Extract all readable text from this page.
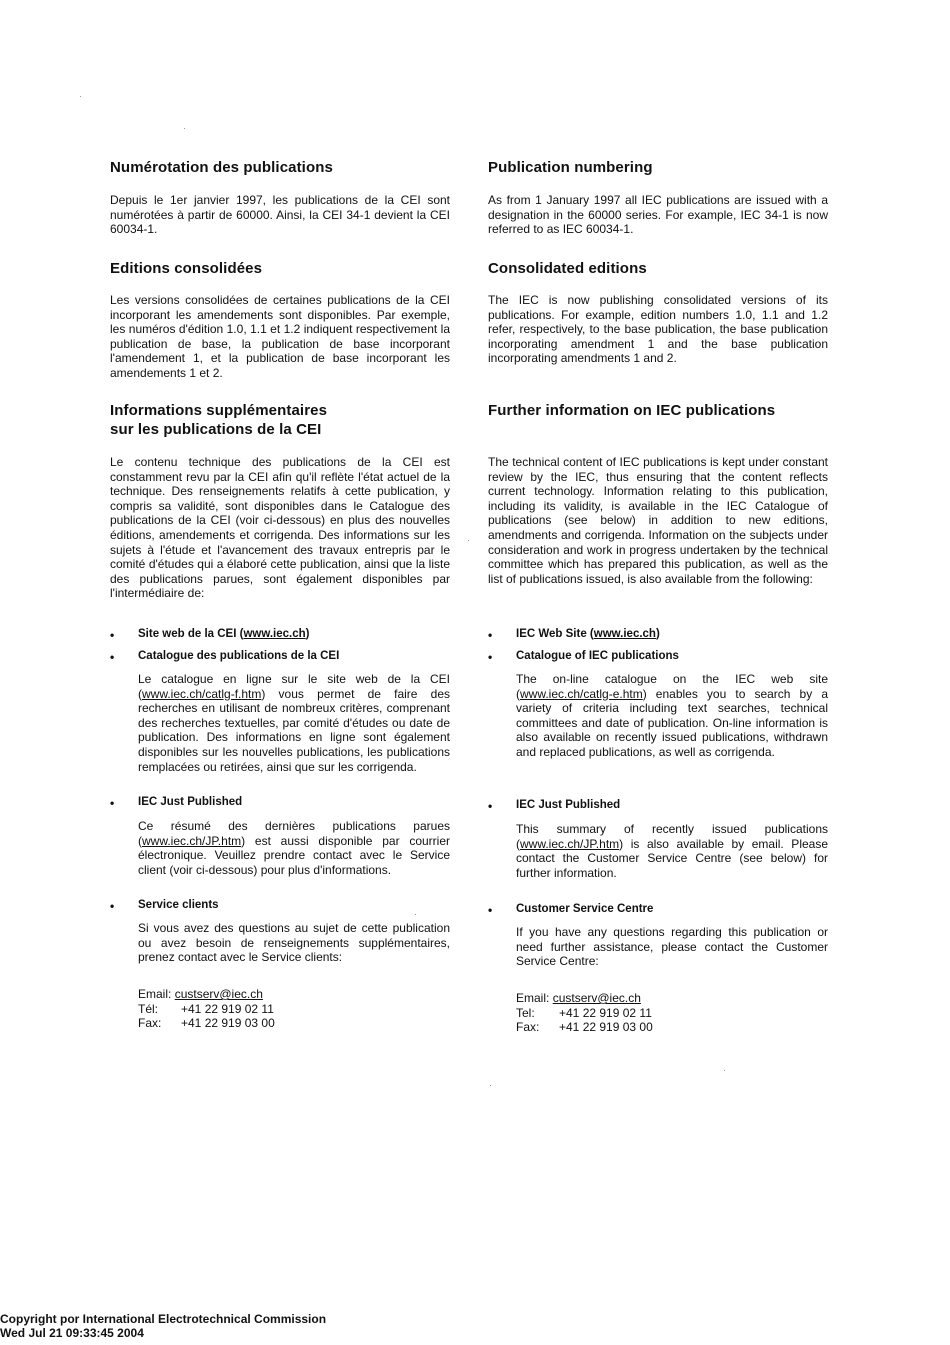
Numérotation des publications

Depuis le 1er janvier 1997, les publications de la CEI sont numérotées à partir de 60000. Ainsi, la CEI 34-1 devient la CEI 60034-1.

Editions consolidées

Les versions consolidées de certaines publications de la CEI incorporant les amendements sont disponibles. Par exemple, les numéros d'édition 1.0, 1.1 et 1.2 indiquent respectivement la publication de base, la publication de base incorporant l'amendement 1, et la publication de base incorporant les amendements 1 et 2.

Informations supplémentaires
sur les publications de la CEI

Le contenu technique des publications de la CEI est constamment revu par la CEI afin qu'il reflète l'état actuel de la technique. Des renseignements relatifs à cette publication, y compris sa validité, sont disponibles dans le Catalogue des publications de la CEI (voir ci-dessous) en plus des nouvelles éditions, amendements et corrigenda. Des informations sur les sujets à l'étude et l'avancement des travaux entrepris par le comité d'études qui a élaboré cette publication, ainsi que la liste des publications parues, sont également disponibles par l'intermédiaire de:

• Site web de la CEI (www.iec.ch)
• Catalogue des publications de la CEI
Le catalogue en ligne sur le site web de la CEI (www.iec.ch/catlg-f.htm) vous permet de faire des recherches en utilisant de nombreux critères, comprenant des recherches textuelles, par comité d'études ou date de publication. Des informations en ligne sont également disponibles sur les nouvelles publications, les publications remplacées ou retirées, ainsi que sur les corrigenda.
• IEC Just Published
Ce résumé des dernières publications parues (www.iec.ch/JP.htm) est aussi disponible par courrier électronique. Veuillez prendre contact avec le Service client (voir ci-dessous) pour plus d'informations.
• Service clients
Si vous avez des questions au sujet de cette publication ou avez besoin de renseignements supplémentaires, prenez contact avec le Service clients:
Email: custserv@iec.ch
Tél: +41 22 919 02 11
Fax: +41 22 919 03 00
Publication numbering

As from 1 January 1997 all IEC publications are issued with a designation in the 60000 series. For example, IEC 34-1 is now referred to as IEC 60034-1.

Consolidated editions

The IEC is now publishing consolidated versions of its publications. For example, edition numbers 1.0, 1.1 and 1.2 refer, respectively, to the base publication, the base publication incorporating amendment 1 and the base publication incorporating amendments 1 and 2.

Further information on IEC publications

The technical content of IEC publications is kept under constant review by the IEC, thus ensuring that the content reflects current technology. Information relating to this publication, including its validity, is available in the IEC Catalogue of publications (see below) in addition to new editions, amendments and corrigenda. Information on the subjects under consideration and work in progress undertaken by the technical committee which has prepared this publication, as well as the list of publications issued, is also available from the following:

• IEC Web Site (www.iec.ch)
• Catalogue of IEC publications
The on-line catalogue on the IEC web site (www.iec.ch/catlg-e.htm) enables you to search by a variety of criteria including text searches, technical committees and date of publication. On-line information is also available on recently issued publications, withdrawn and replaced publications, as well as corrigenda.
• IEC Just Published
This summary of recently issued publications (www.iec.ch/JP.htm) is also available by email. Please contact the Customer Service Centre (see below) for further information.
• Customer Service Centre
If you have any questions regarding this publication or need further assistance, please contact the Customer Service Centre:
Email: custserv@iec.ch
Tel: +41 22 919 02 11
Fax: +41 22 919 03 00
Copyright por International Electrotechnical Commission
Wed Jul 21 09:33:45 2004
